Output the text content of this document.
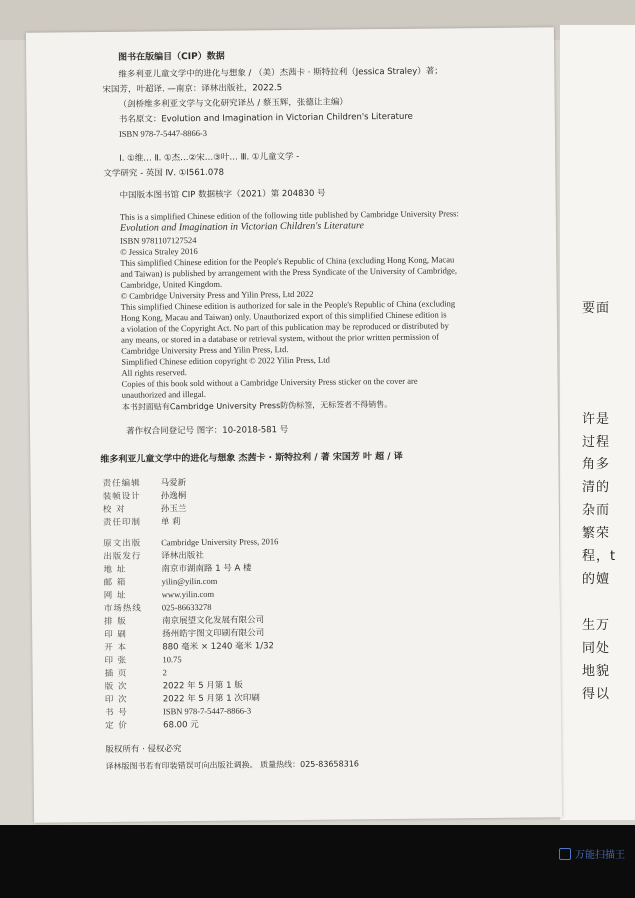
要面
许是
过程
角多
清的
杂而
繁荣
程，t
的嬗
生万
同处
地貌
得以
图书在版编目（CIP）数据
维多利亚儿童文学中的进化与想象 / （美）杰茜卡 · 斯特拉利（Jessica Straley）著；
宋国芳，叶超译. —南京：译林出版社，2022.5
（剑桥维多利亚文学与文化研究译丛 / 蔡玉辉，张德让主编）
书名原文：Evolution and Imagination in Victorian Children's Literature
ISBN 978-7-5447-8866-3
Ⅰ. ①维… Ⅱ. ①杰…②宋…③叶… Ⅲ. ①儿童文学 -
文学研究 - 英国 Ⅳ. ①I561.078
中国版本图书馆 CIP 数据核字（2021）第 204830 号
This is a simplified Chinese edition of the following title published by Cambridge University Press:
Evolution and Imagination in Victorian Children's Literature
ISBN 9781107127524
© Jessica Straley 2016
This simplified Chinese edition for the People's Republic of China (excluding Hong Kong, Macau
and Taiwan) is published by arrangement with the Press Syndicate of the University of Cambridge,
Cambridge, United Kingdom.
© Cambridge University Press and Yilin Press, Ltd 2022
This simplified Chinese edition is authorized for sale in the People's Republic of China (excluding
Hong Kong, Macau and Taiwan) only. Unauthorized export of this simplified Chinese edition is
a violation of the Copyright Act. No part of this publication may be reproduced or distributed by
any means, or stored in a database or retrieval system, without the prior written permission of
Cambridge University Press and Yilin Press, Ltd.
Simplified Chinese edition copyright © 2022 Yilin Press, Ltd
All rights reserved.
Copies of this book sold without a Cambridge University Press sticker on the cover are
unauthorized and illegal.
本书封面贴有Cambridge University Press防伪标签，无标签者不得销售。
著作权合同登记号 图字：10-2018-581 号
维多利亚儿童文学中的进化与想象 杰茜卡 · 斯特拉利 / 著 宋国芳 叶 超 / 译
责任编辑 马爱新
装帧设计 孙逸桐
校 对	孙玉兰
责任印制 单 莉
原文出版 Cambridge University Press, 2016
出版发行 译林出版社
地 址	南京市湖南路 1 号 A 楼
邮 箱	yilin@yilin.com
网 址	www.yilin.com
市场热线 025-86633278
排 版	南京展望文化发展有限公司
印 刷	扬州皓宇图文印刷有限公司
开 本	880 毫米 × 1240 毫米 1/32
印 张	10.75
插 页	2
版 次	2022 年 5 月第 1 版
印 次	2022 年 5 月第 1 次印刷
书 号	ISBN 978-7-5447-8866-3
定 价	68.00 元
版权所有 · 侵权必究
译林版图书若有印装错误可向出版社调换。 质量热线：025-83658316
万能扫描王
